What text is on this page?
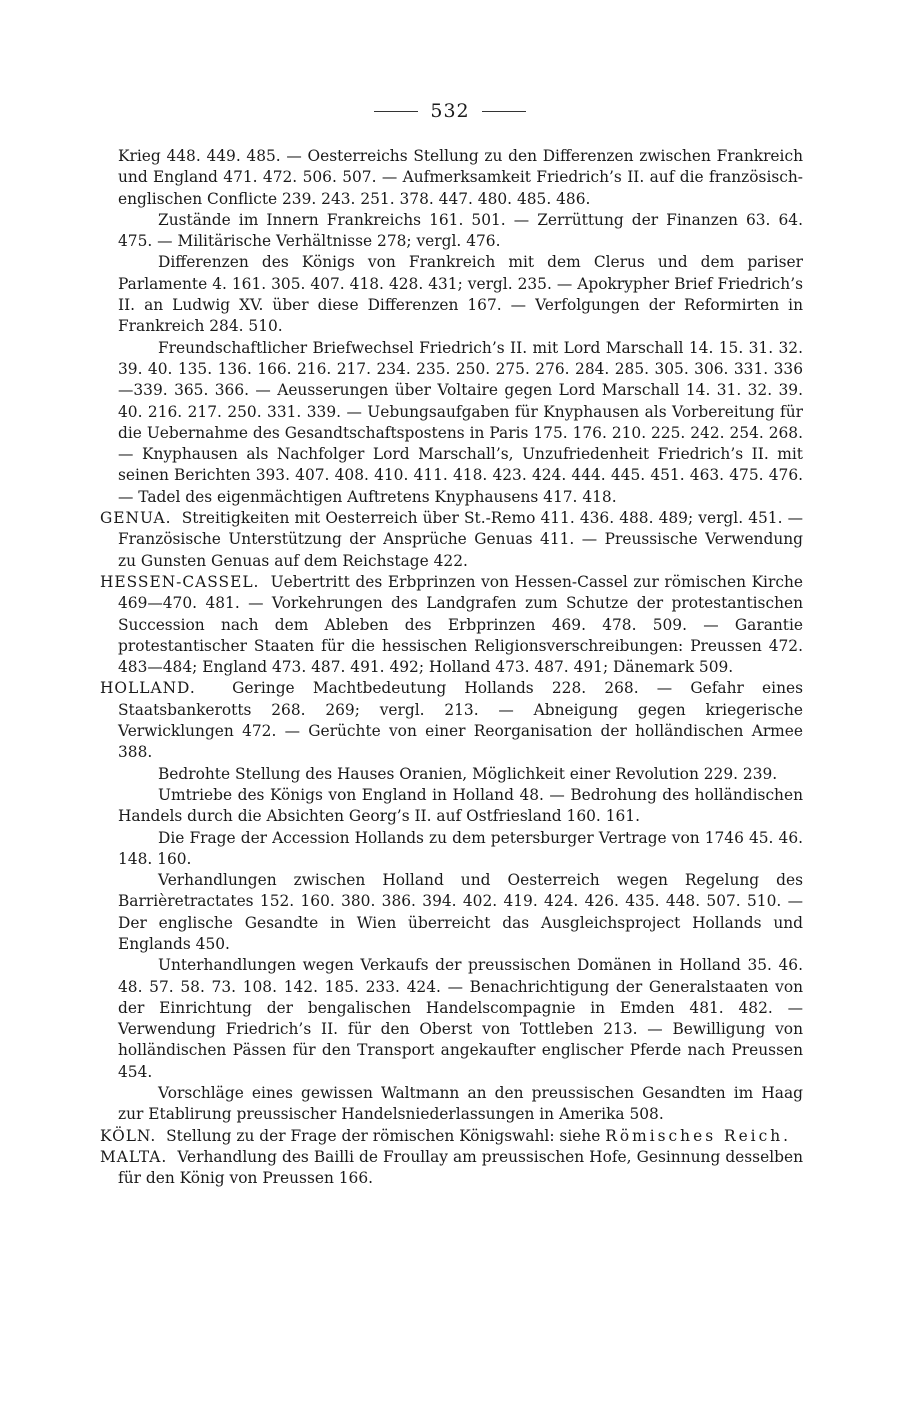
532

Krieg 448. 449. 485. — Oesterreichs Stellung zu den Differenzen zwischen Frankreich und England 471. 472. 506. 507. — Aufmerksamkeit Friedrich’s II. auf die französisch-englischen Conflicte 239. 243. 251. 378. 447. 480. 485. 486.

Zustände im Innern Frankreichs 161. 501. — Zerrüttung der Finanzen 63. 64. 475. — Militärische Verhältnisse 278; vergl. 476.

Differenzen des Königs von Frankreich mit dem Clerus und dem pariser Parlamente 4. 161. 305. 407. 418. 428. 431; vergl. 235. — Apokrypher Brief Friedrich’s II. an Ludwig XV. über diese Differenzen 167. — Verfolgungen der Reformirten in Frankreich 284. 510.

Freundschaftlicher Briefwechsel Friedrich’s II. mit Lord Marschall 14. 15. 31. 32. 39. 40. 135. 136. 166. 216. 217. 234. 235. 250. 275. 276. 284. 285. 305. 306. 331. 336—339. 365. 366. — Aeusserungen über Voltaire gegen Lord Marschall 14. 31. 32. 39. 40. 216. 217. 250. 331. 339. — Uebungsaufgaben für Knyphausen als Vorbereitung für die Uebernahme des Gesandtschaftspostens in Paris 175. 176. 210. 225. 242. 254. 268. — Knyphausen als Nachfolger Lord Marschall’s, Unzufriedenheit Friedrich’s II. mit seinen Berichten 393. 407. 408. 410. 411. 418. 423. 424. 444. 445. 451. 463. 475. 476. — Tadel des eigenmächtigen Auftretens Knyphausens 417. 418.

GENUA. Streitigkeiten mit Oesterreich über St.-Remo 411. 436. 488. 489; vergl. 451. — Französische Unterstützung der Ansprüche Genuas 411. — Preussische Verwendung zu Gunsten Genuas auf dem Reichstage 422.

HESSEN-CASSEL. Uebertritt des Erbprinzen von Hessen-Cassel zur römischen Kirche 469—470. 481. — Vorkehrungen des Landgrafen zum Schutze der protestantischen Succession nach dem Ableben des Erbprinzen 469. 478. 509. — Garantie protestantischer Staaten für die hessischen Religionsverschreibungen: Preussen 472. 483—484; England 473. 487. 491. 492; Holland 473. 487. 491; Dänemark 509.

HOLLAND. Geringe Machtbedeutung Hollands 228. 268. — Gefahr eines Staatsbankerotts 268. 269; vergl. 213. — Abneigung gegen kriegerische Verwicklungen 472. — Gerüchte von einer Reorganisation der holländischen Armee 388.

Bedrohte Stellung des Hauses Oranien, Möglichkeit einer Revolution 229. 239.

Umtriebe des Königs von England in Holland 48. — Bedrohung des holländischen Handels durch die Absichten Georg’s II. auf Ostfriesland 160. 161.

Die Frage der Accession Hollands zu dem petersburger Vertrage von 1746 45. 46. 148. 160.

Verhandlungen zwischen Holland und Oesterreich wegen Regelung des Barrièretractates 152. 160. 380. 386. 394. 402. 419. 424. 426. 435. 448. 507. 510. — Der englische Gesandte in Wien überreicht das Ausgleichsproject Hollands und Englands 450.

Unterhandlungen wegen Verkaufs der preussischen Domänen in Holland 35. 46. 48. 57. 58. 73. 108. 142. 185. 233. 424. — Benachrichtigung der Generalstaaten von der Einrichtung der bengalischen Handelscompagnie in Emden 481. 482. — Verwendung Friedrich’s II. für den Oberst von Tottleben 213. — Bewilligung von holländischen Pässen für den Transport angekaufter englischer Pferde nach Preussen 454.

Vorschläge eines gewissen Waltmann an den preussischen Gesandten im Haag zur Etablirung preussischer Handelsniederlassungen in Amerika 508.

KÖLN. Stellung zu der Frage der römischen Königswahl: siehe Römisches Reich.

MALTA. Verhandlung des Bailli de Froullay am preussischen Hofe, Gesinnung desselben für den König von Preussen 166.
